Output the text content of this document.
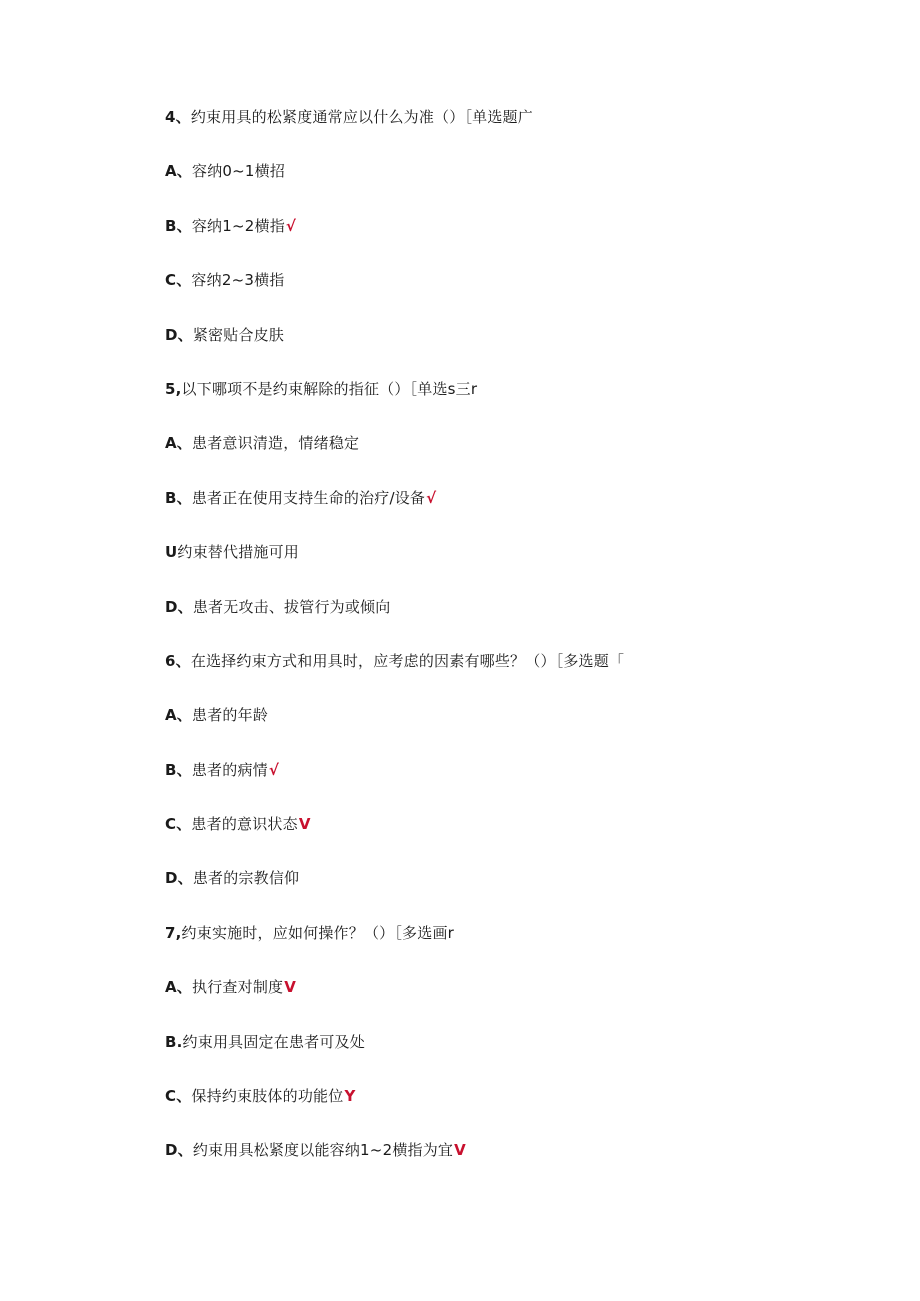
4、约束用具的松紧度通常应以什么为准（）［单选题广
A、容纳0~1横招
B、容纳1~2横指√
C、容纳2~3横指
D、紧密贴合皮肤
5,以下哪项不是约束解除的指征（）［单选s三r
A、患者意识清造，情绪稳定
B、患者正在使用支持生命的治疗/设备√
U约束替代措施可用
D、患者无攻击、拔管行为或倾向
6、在选择约束方式和用具时，应考虑的因素有哪些？（）［多选题「
A、患者的年龄
B、患者的病情√
C、患者的意识状态V
D、患者的宗教信仰
7,约束实施时，应如何操作？（）［多选画r
A、执行查对制度V
B.约束用具固定在患者可及处
C、保持约束肢体的功能位Y
D、约束用具松紧度以能容纳1~2横指为宜V
